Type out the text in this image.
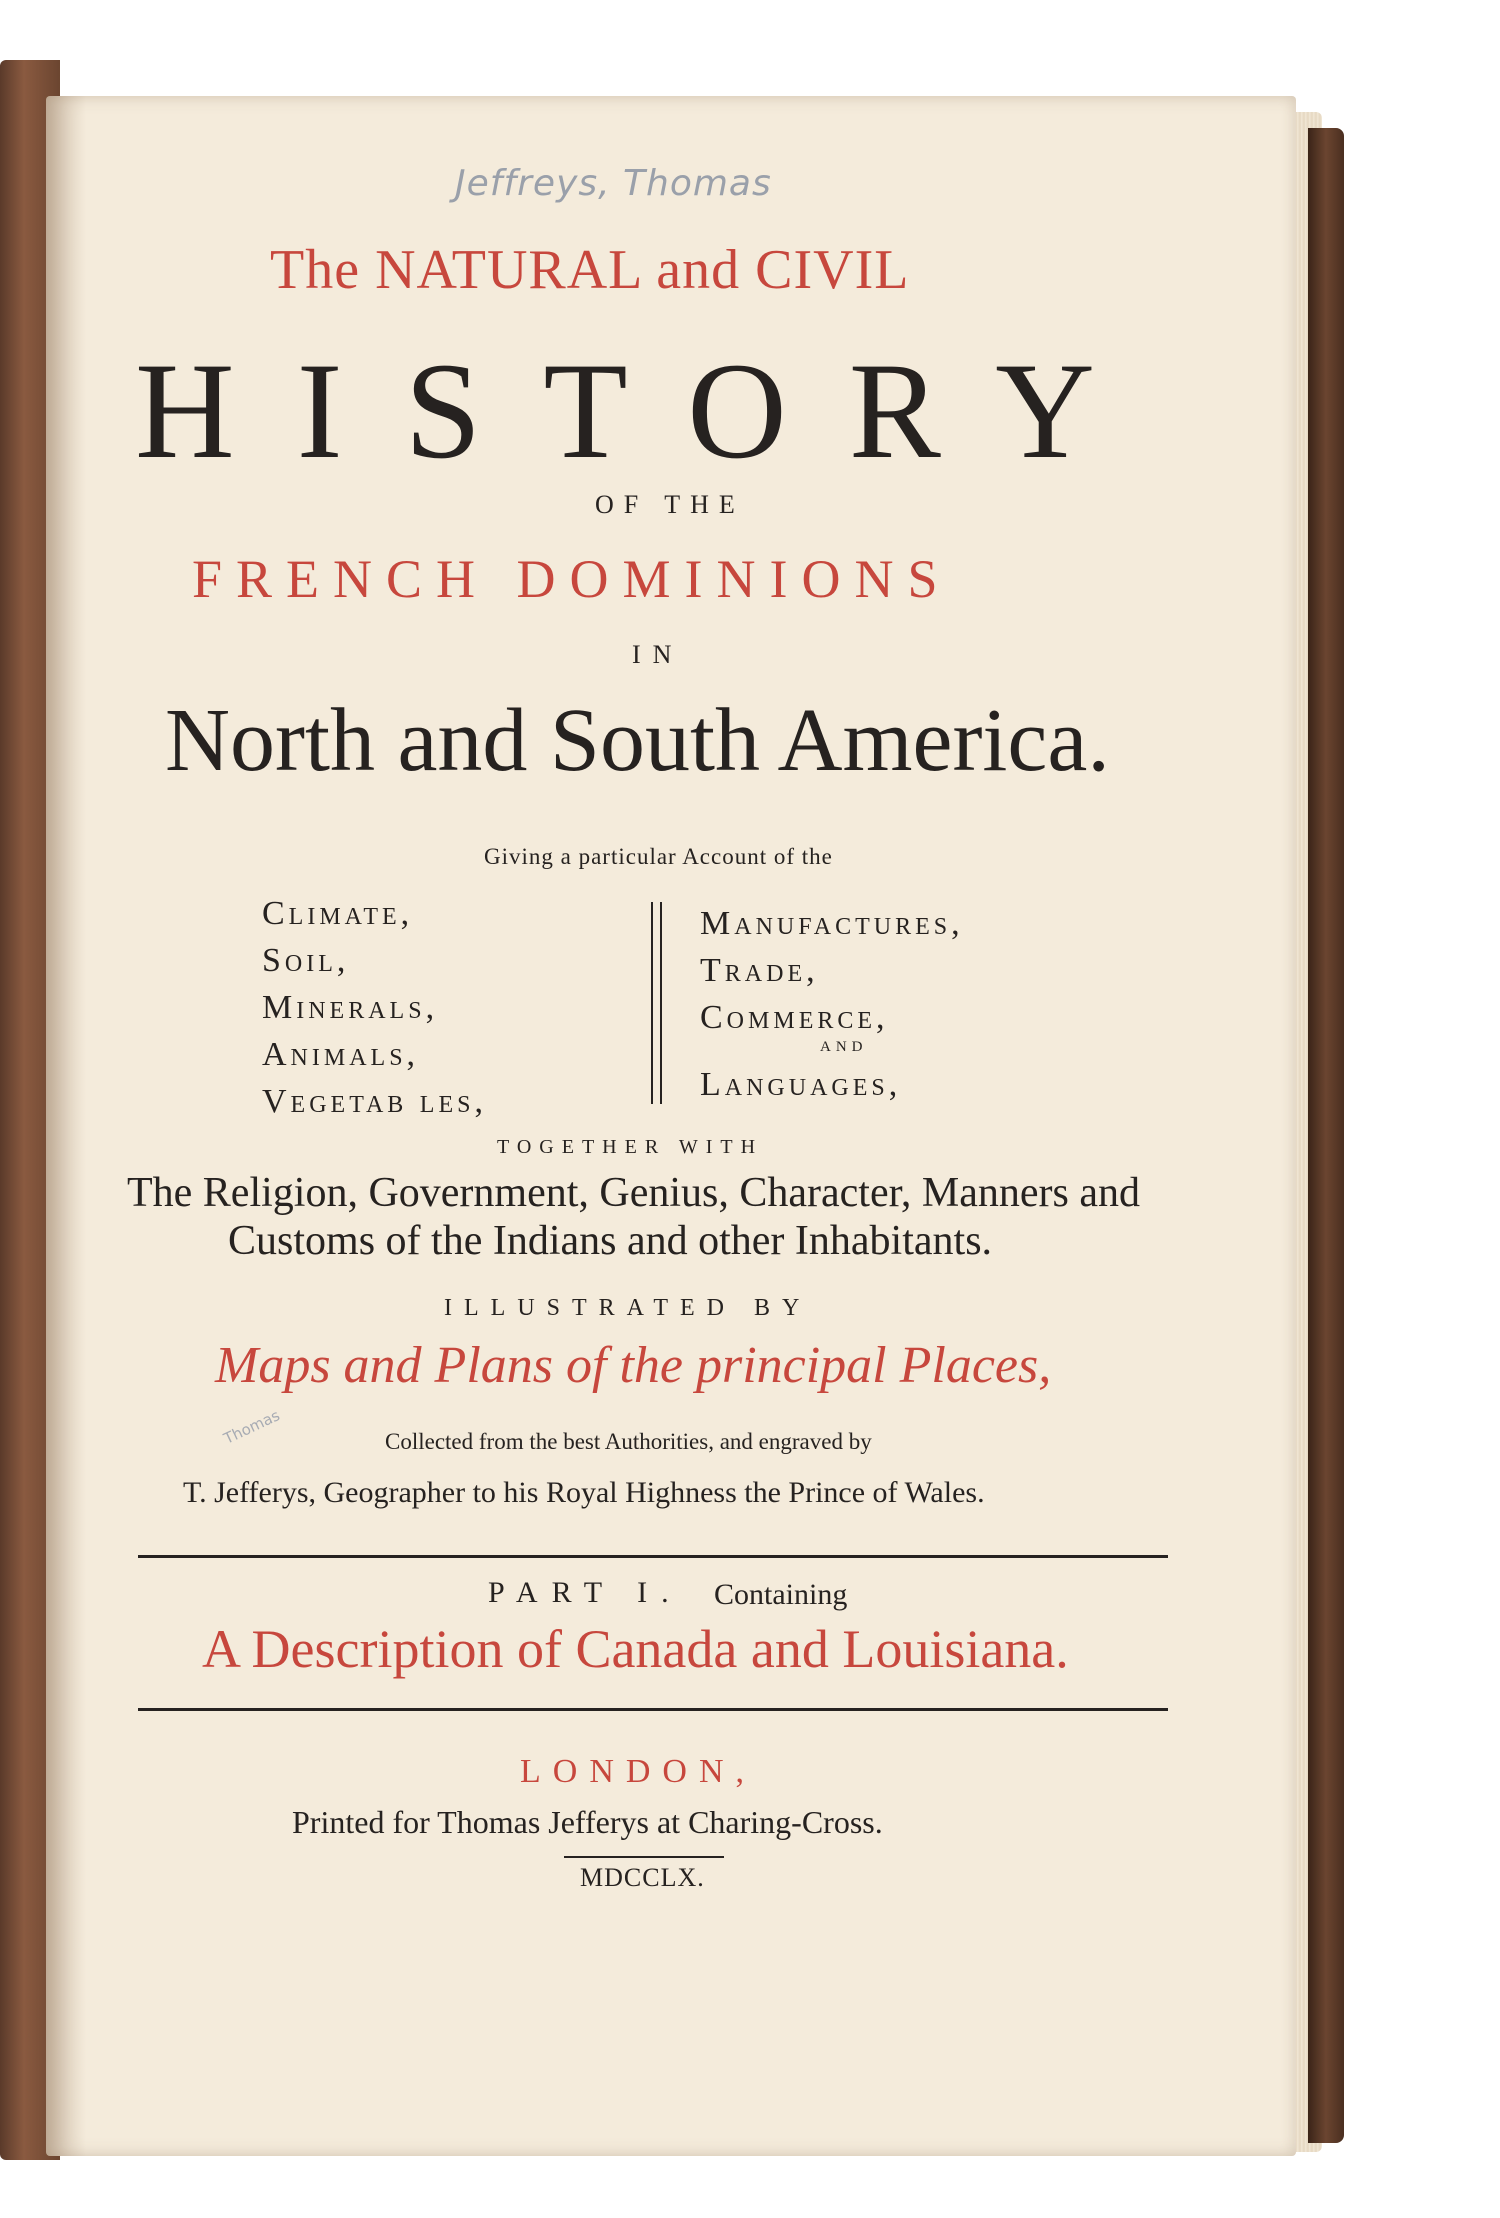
Jeffreys, Thomas
Thomas
The NATURAL and CIVIL
HISTORY
OF THE
FRENCH DOMINIONS
IN
North and South America.
Giving a particular Account of the
Climate,
Soil,
Minerals,
Animals,
Vegetab les,
Manufactures,
Trade,
Commerce,
AND
Languages,
TOGETHER WITH
The Religion, Government, Genius, Character, Manners and
Customs of the Indians and other Inhabitants.
ILLUSTRATED BY
Maps and Plans of the principal Places,
Collected from the best Authorities, and engraved by
T. Jefferys, Geographer to his Royal Highness the Prince of Wales.
PART I. Containing
A Description of Canada and Louisiana.
LONDON,
Printed for Thomas Jefferys at Charing-Cross.
MDCCLX.
